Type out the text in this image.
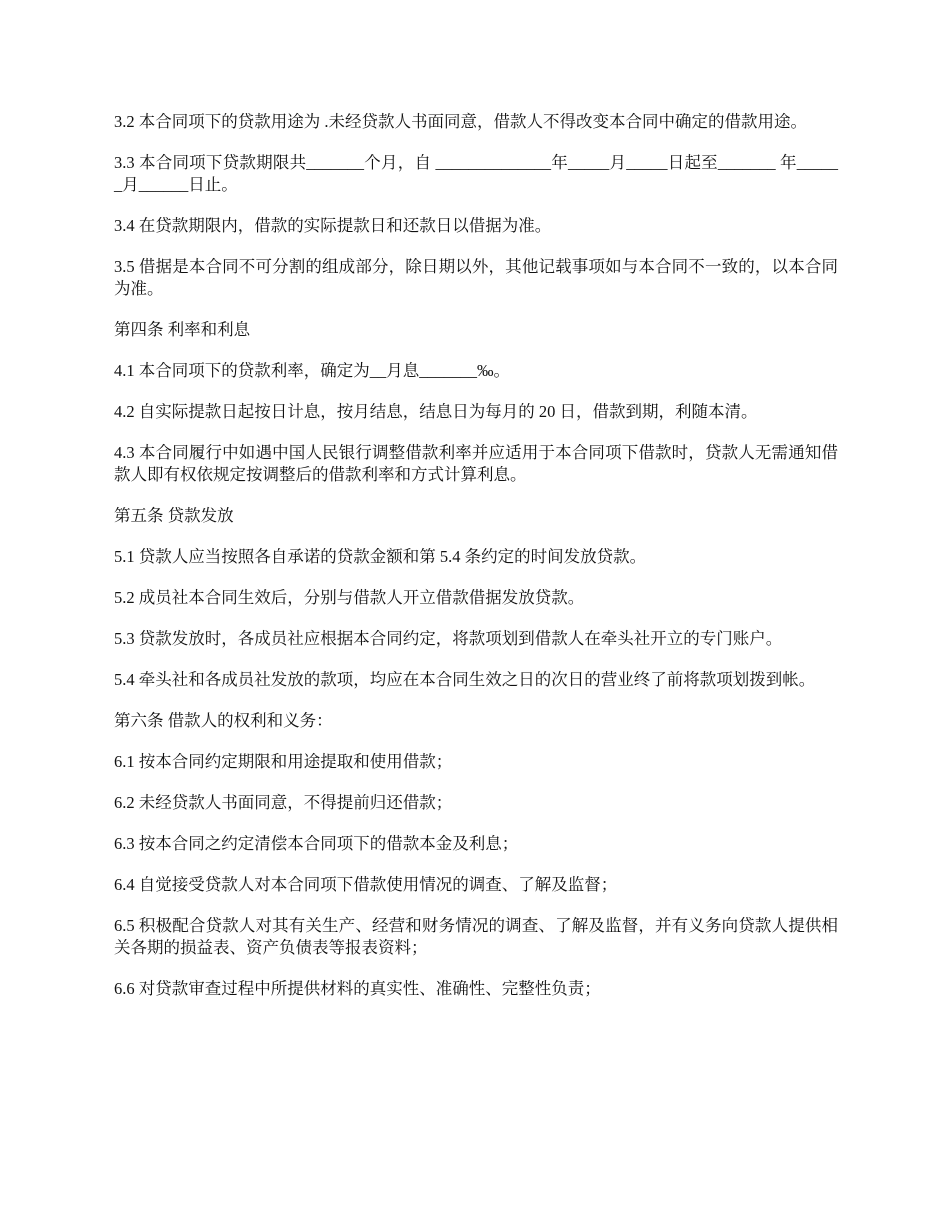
3.2 本合同项下的贷款用途为 .未经贷款人书面同意，借款人不得改变本合同中确定的借款用途。

3.3 本合同项下贷款期限共_______个月，自 ______________年_____月_____日起至_______ 年______月______日止。

3.4 在贷款期限内，借款的实际提款日和还款日以借据为准。

3.5 借据是本合同不可分割的组成部分，除日期以外，其他记载事项如与本合同不一致的，以本合同为准。

第四条 利率和利息

4.1 本合同项下的贷款利率，确定为__月息_______‰。

4.2 自实际提款日起按日计息，按月结息，结息日为每月的 20 日，借款到期，利随本清。

4.3 本合同履行中如遇中国人民银行调整借款利率并应适用于本合同项下借款时，贷款人无需通知借款人即有权依规定按调整后的借款利率和方式计算利息。

第五条 贷款发放

5.1 贷款人应当按照各自承诺的贷款金额和第 5.4 条约定的时间发放贷款。

5.2 成员社本合同生效后，分别与借款人开立借款借据发放贷款。

5.3 贷款发放时，各成员社应根据本合同约定，将款项划到借款人在牵头社开立的专门账户。

5.4 牵头社和各成员社发放的款项，均应在本合同生效之日的次日的营业终了前将款项划拨到帐。

第六条 借款人的权利和义务：

6.1 按本合同约定期限和用途提取和使用借款；

6.2 未经贷款人书面同意，不得提前归还借款；

6.3 按本合同之约定清偿本合同项下的借款本金及利息；

6.4 自觉接受贷款人对本合同项下借款使用情况的调查、了解及监督；

6.5 积极配合贷款人对其有关生产、经营和财务情况的调查、了解及监督，并有义务向贷款人提供相关各期的损益表、资产负债表等报表资料；

6.6 对贷款审查过程中所提供材料的真实性、准确性、完整性负责；
